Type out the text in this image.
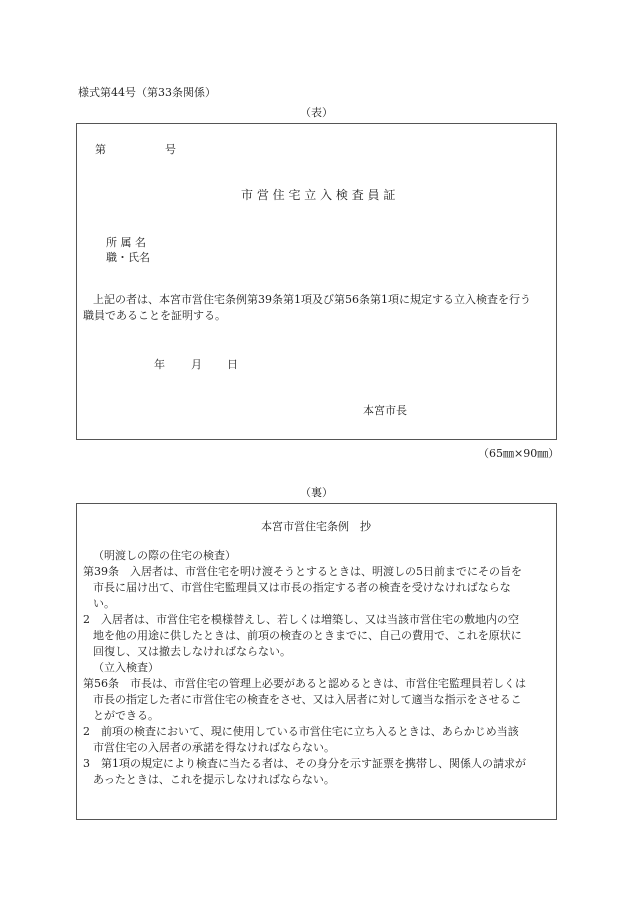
様式第44号（第33条関係）
（表）
第	号
市 営 住 宅 立 入 検 査 員 証
所 属 名
職・氏名
上記の者は、本宮市営住宅条例第39条第1項及び第56条第1項に規定する立入検査を行う
職員であることを証明する。
年 月 日
本宮市長
（65㎜×90㎜）
（裏）
本宮市営住宅条例　抄
（明渡しの際の住宅の検査）
第39条　入居者は、市営住宅を明け渡そうとするときは、明渡しの5日前までにその旨を
市長に届け出て、市営住宅監理員又は市長の指定する者の検査を受けなければならな
い。
2　入居者は、市営住宅を模様替えし、若しくは増築し、又は当該市営住宅の敷地内の空
地を他の用途に供したときは、前項の検査のときまでに、自己の費用で、これを原状に
回復し、又は撤去しなければならない。
（立入検査）
第56条　市長は、市営住宅の管理上必要があると認めるときは、市営住宅監理員若しくは
市長の指定した者に市営住宅の検査をさせ、又は入居者に対して適当な指示をさせるこ
とができる。
2　前項の検査において、現に使用している市営住宅に立ち入るときは、あらかじめ当該
市営住宅の入居者の承諾を得なければならない。
3　第1項の規定により検査に当たる者は、その身分を示す証票を携帯し、関係人の請求が
あったときは、これを提示しなければならない。
